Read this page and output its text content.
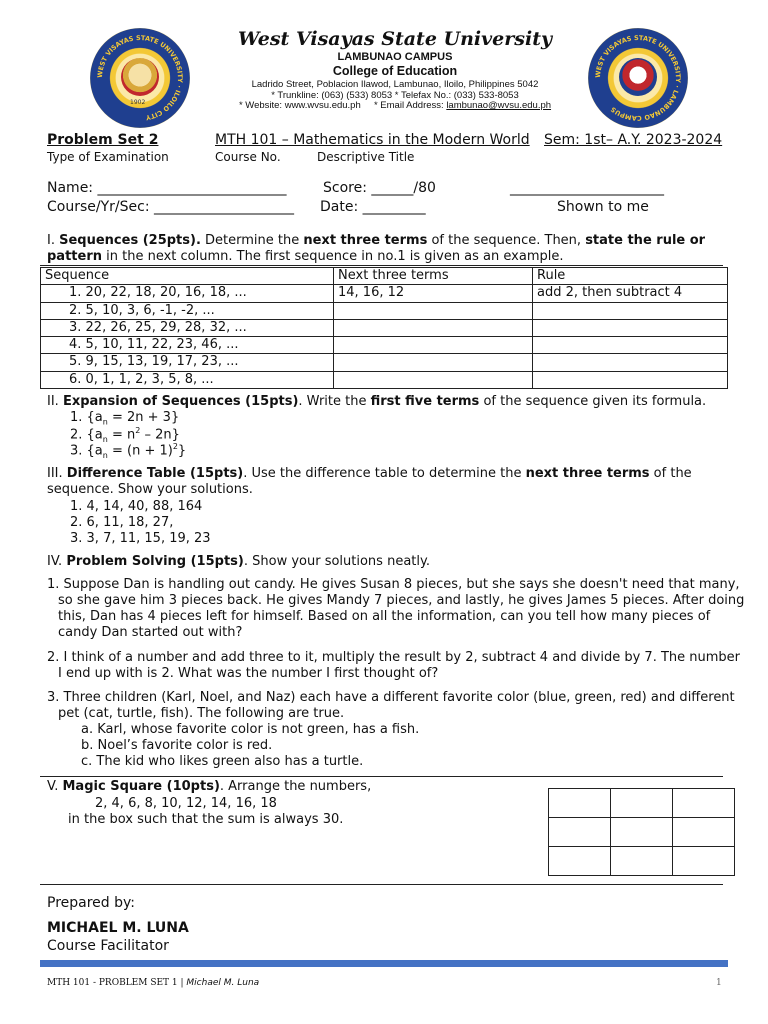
WEST VISAYAS STATE UNIVERSITY · ILOILO CITY
1902
WEST VISAYAS STATE UNIVERSITY · LAMBUNAO CAMPUS
West Visayas State University
LAMBUNAO CAMPUS
College of Education
Ladrido Street, Poblacion Ilawod, Lambunao, Iloilo, Philippines 5042
* Trunkline: (063) (533) 8053 * Telefax No.: (033) 533-8053
* Website: www.wvsu.edu.ph * Email Address: lambunao@wvsu.edu.ph
Problem Set 2	MTH 101 – Mathematics in the Modern World Sem: 1st– A.Y. 2023-2024
Type of Examination	Course No.	Descriptive Title
Name: ___________________________	Score: ______/80	______________________
Course/Yr/Sec: ____________________ Date: _________	Shown to me
I. Sequences (25pts). Determine the next three terms of the sequence. Then, state the rule or
pattern in the next column. The first sequence in no.1 is given as an example.
Sequence	Next three terms	Rule
1. 20, 22, 18, 20, 16, 18, ...	14, 16, 12	add 2, then subtract 4
2. 5, 10, 3, 6, -1, -2, ...		
3. 22, 26, 25, 29, 28, 32, ...		
4. 5, 10, 11, 22, 23, 46, ...		
5. 9, 15, 13, 19, 17, 23, ...		
6. 0, 1, 1, 2, 3, 5, 8, ...		
II. Expansion of Sequences (15pts). Write the first five terms of the sequence given its formula.
1. $\{a_n = 2n + 3\}$
2. $\{a_n = n^2 - 2n\}$
3. $\{a_n = (n + 1)^2\}$
III. Difference Table (15pts). Use the difference table to determine the next three terms of the
sequence. Show your solutions.
1. 4, 14, 40, 88, 164
2. 6, 11, 18, 27,
3. 3, 7, 11, 15, 19, 23
IV. Problem Solving (15pts). Show your solutions neatly.
1. Suppose Dan is handling out candy. He gives Susan 8 pieces, but she says she doesn't need that many,
so she gave him 3 pieces back. He gives Mandy 7 pieces, and lastly, he gives James 5 pieces. After doing
this, Dan has 4 pieces left for himself. Based on all the information, can you tell how many pieces of
candy Dan started out with?
2. I think of a number and add three to it, multiply the result by 2, subtract 4 and divide by 7. The number
I end up with is 2. What was the number I first thought of?
3. Three children (Karl, Noel, and Naz) each have a different favorite color (blue, green, red) and different
pet (cat, turtle, fish). The following are true.
a. Karl, whose favorite color is not green, has a fish.
b. Noel’s favorite color is red.
c. The kid who likes green also has a turtle.
V. Magic Square (10pts). Arrange the numbers,
2, 4, 6, 8, 10, 12, 14, 16, 18
in the box such that the sum is always 30.

Prepared by:
MICHAEL M. LUNA
Course Facilitator
MTH 101 - PROBLEM SET 1 | Michael M. Luna	1
